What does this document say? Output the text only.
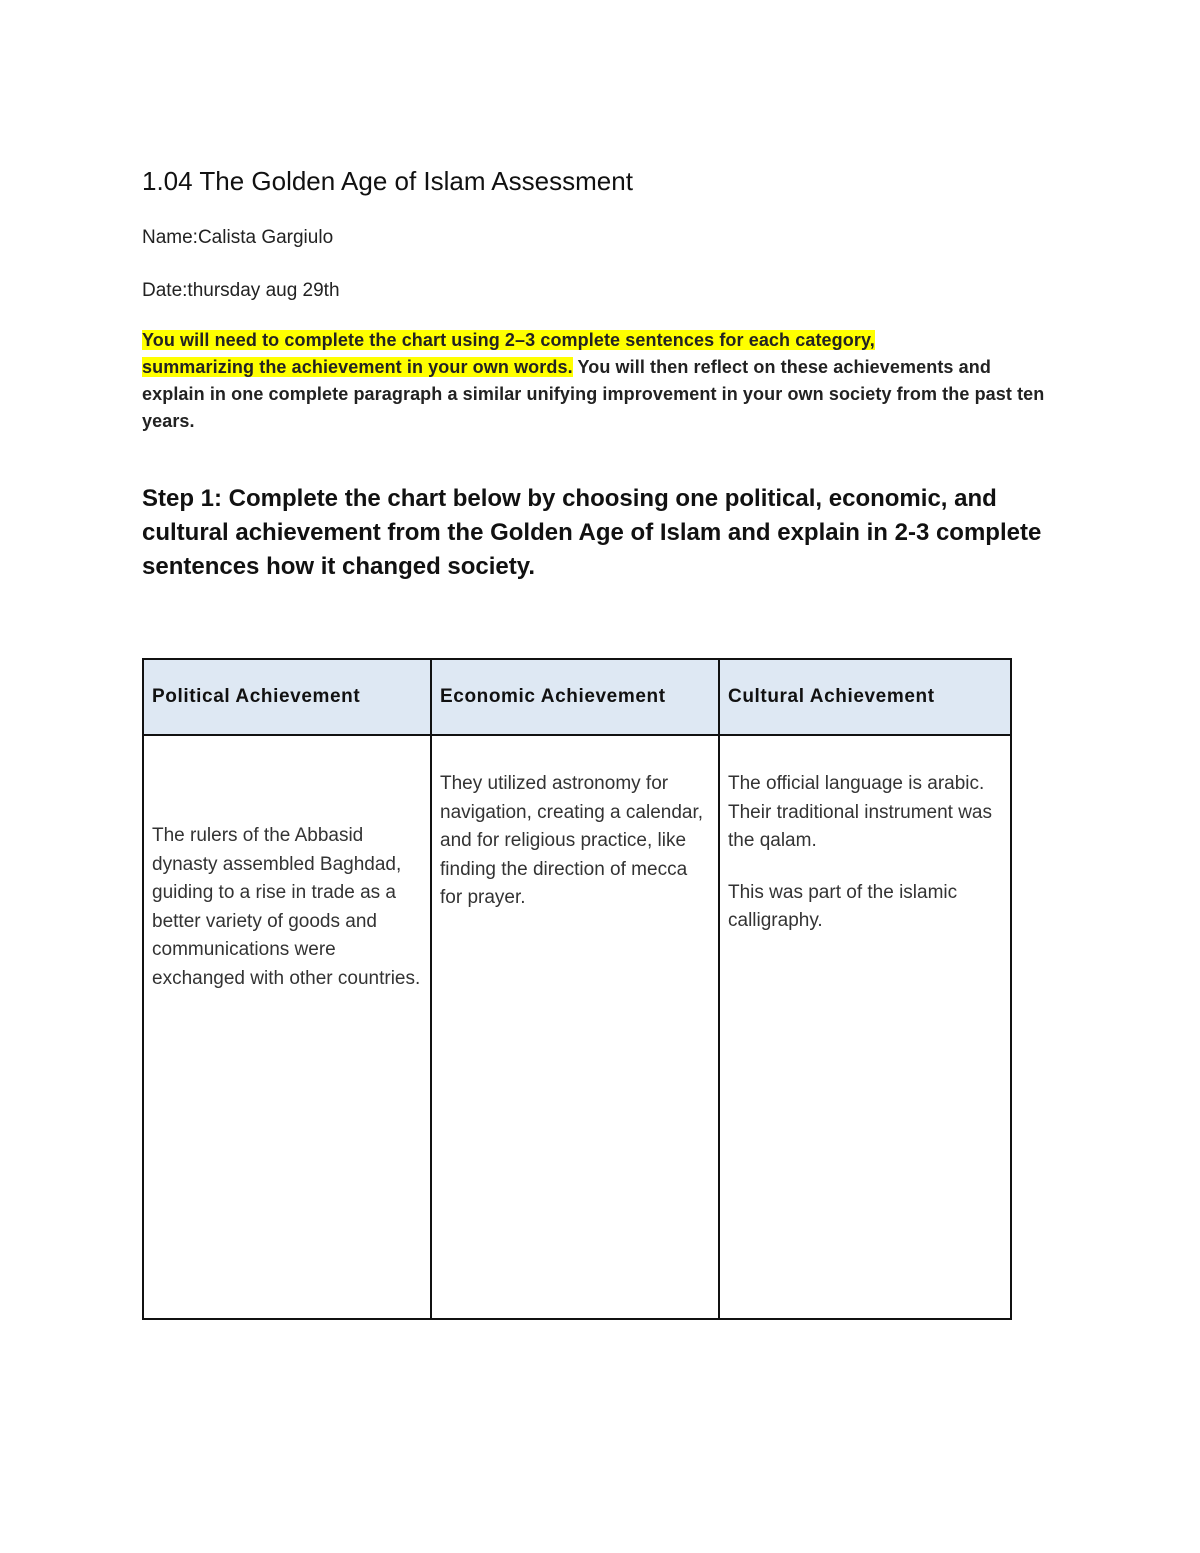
1.04 The Golden Age of Islam Assessment

Name:Calista Gargiulo

Date:thursday aug 29th

You will need to complete the chart using 2–3 complete sentences for each category,
summarizing the achievement in your own words. You will then reflect on these achievements and explain in one complete paragraph a similar unifying improvement in your own society from the past ten years.

Step 1: Complete the chart below by choosing one political, economic, and cultural achievement from the Golden Age of Islam and explain in 2-3 complete sentences how it changed society.
Political Achievement	Economic Achievement	Cultural Achievement

The rulers of the Abbasid dynasty assembled Baghdad, guiding to a rise in trade as a better variety of goods and communications were exchanged with other countries.	They utilized astronomy for navigation, creating a calendar, and for religious practice, like finding the direction of mecca for prayer.	The official language is arabic. Their traditional instrument was the qalam.

This was part of the islamic calligraphy.
